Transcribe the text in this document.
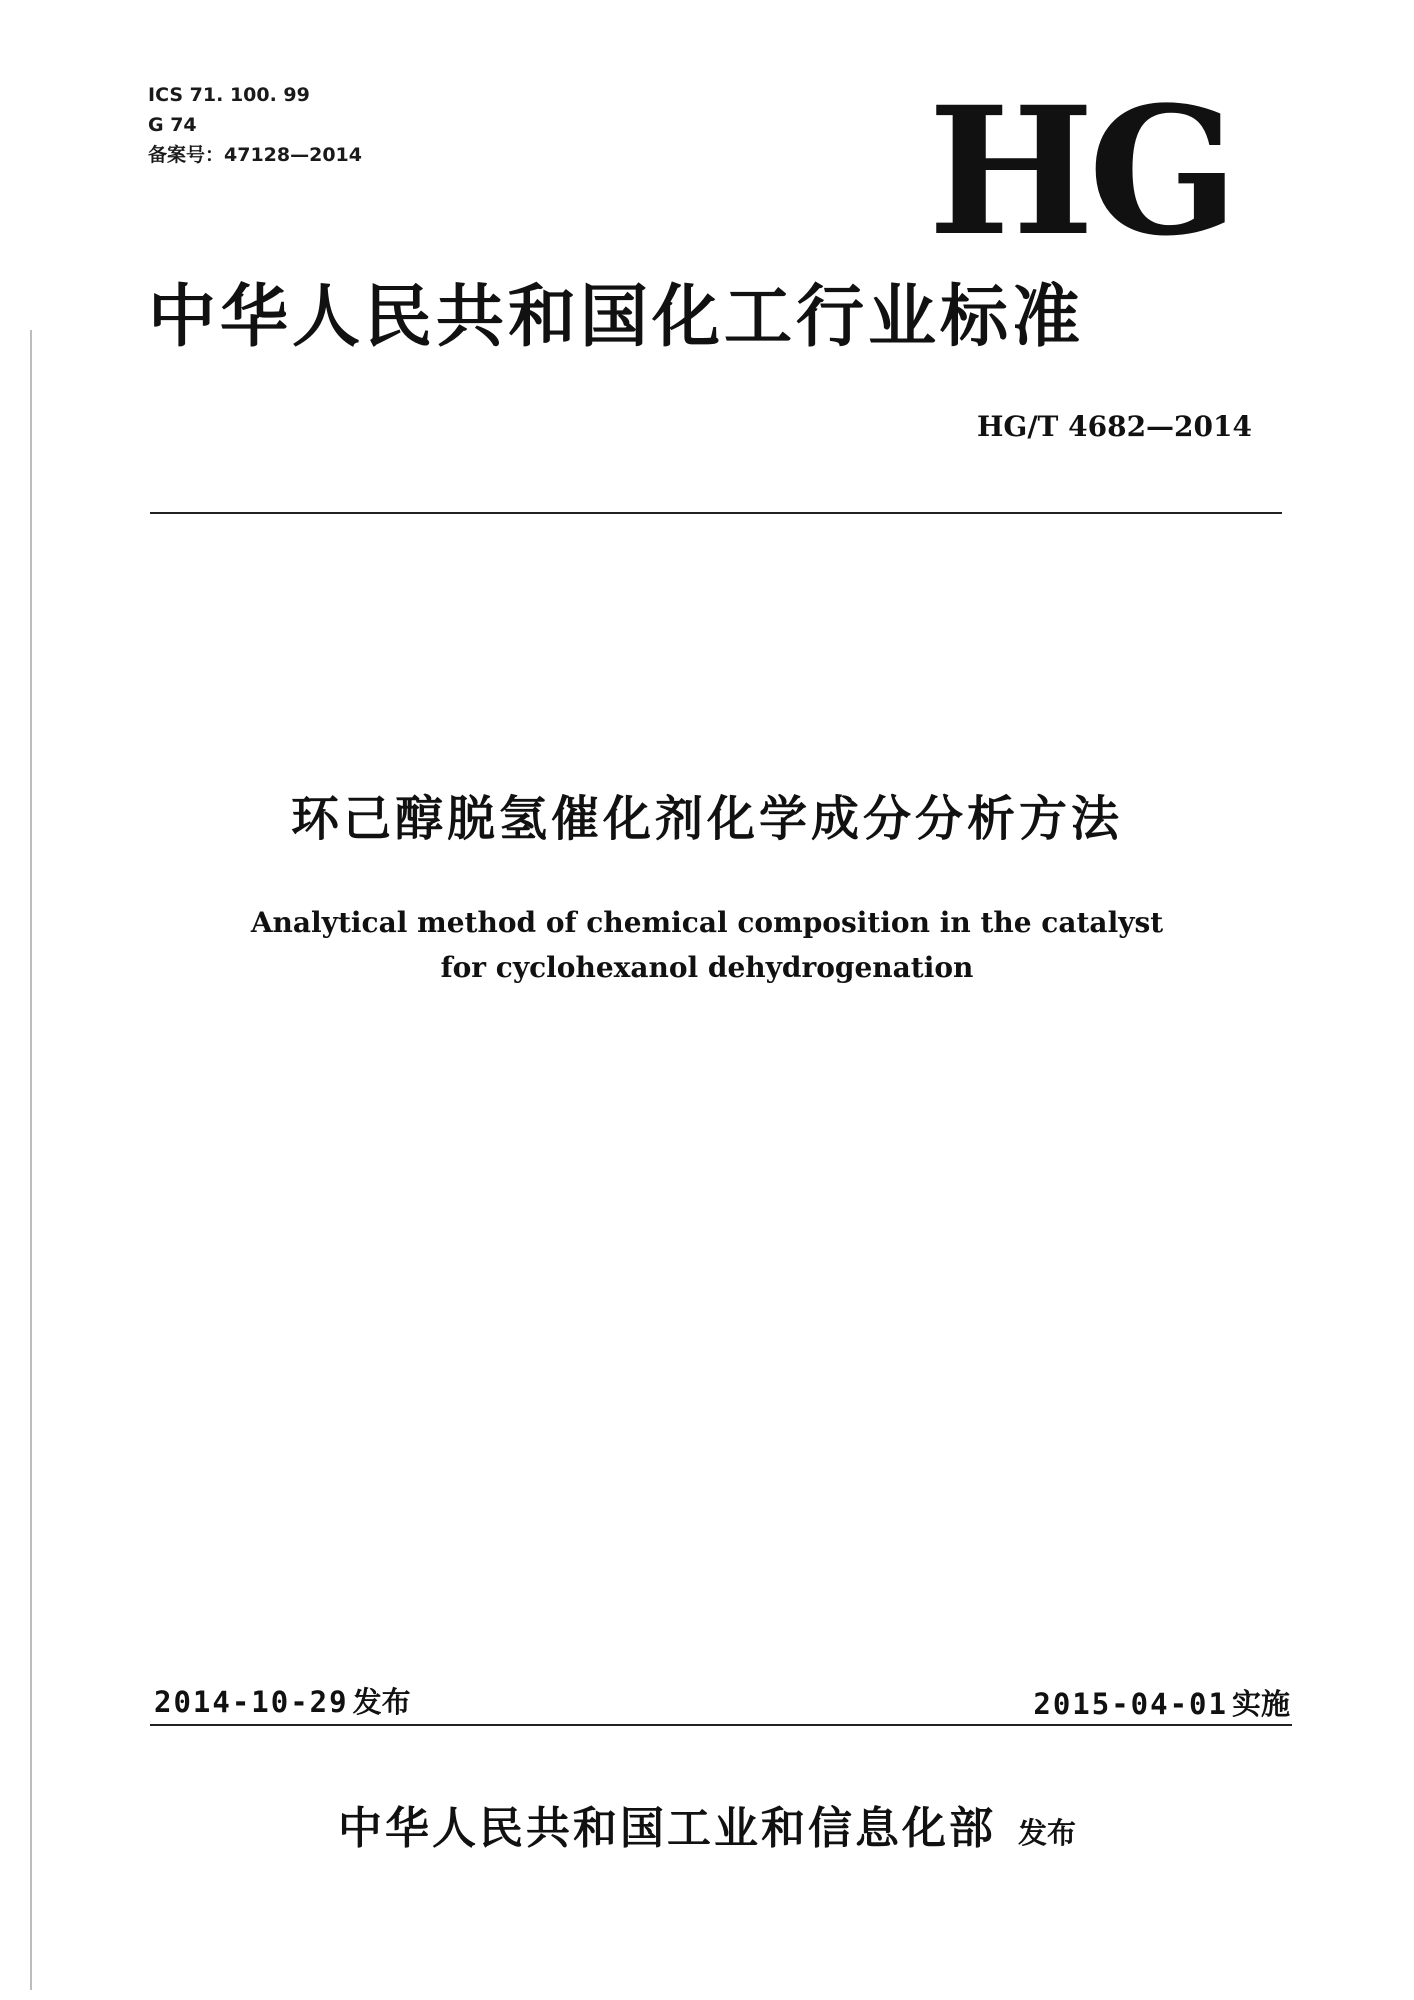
ICS 71. 100. 99
G 74
备案号：47128—2014	HG
中华人民共和国化工行业标准
HG/T 4682—2014
环己醇脱氢催化剂化学成分分析方法
Analytical method of chemical composition in the catalyst
for cyclohexanol dehydrogenation
2014-10-29 发布	2015-04-01 实施
中华人民共和国工业和信息化部 发布
